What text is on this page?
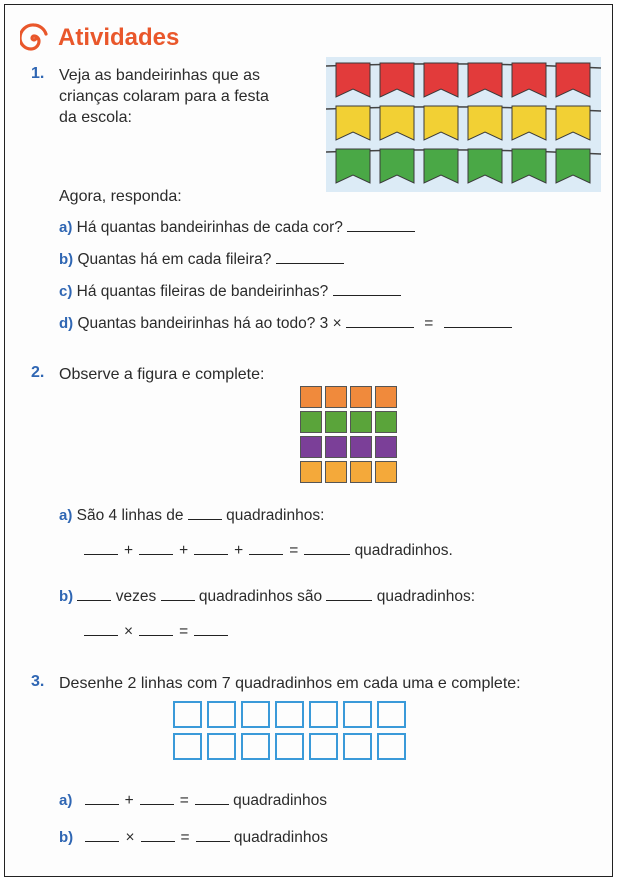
Atividades
1. Veja as bandeirinhas que as
crianças colaram para a festa
da escola:
Agora, responda:
a) Há quantas bandeirinhas de cada cor?
b) Quantas há em cada fileira?
c) Há quantas fileiras de bandeirinhas?
d) Quantas bandeirinhas há ao todo? 3 ×	=
2. Observe a figura e complete:
a) São 4 linhas de	quadradinhos:
+	+	+	=	quadradinhos.
b)	vezes	quadradinhos são	quadradinhos:
×	=
3. Desenhe 2 linhas com 7 quadradinhos em cada uma e complete:
a)	+	=	quadradinhos
b)	×	=	quadradinhos
